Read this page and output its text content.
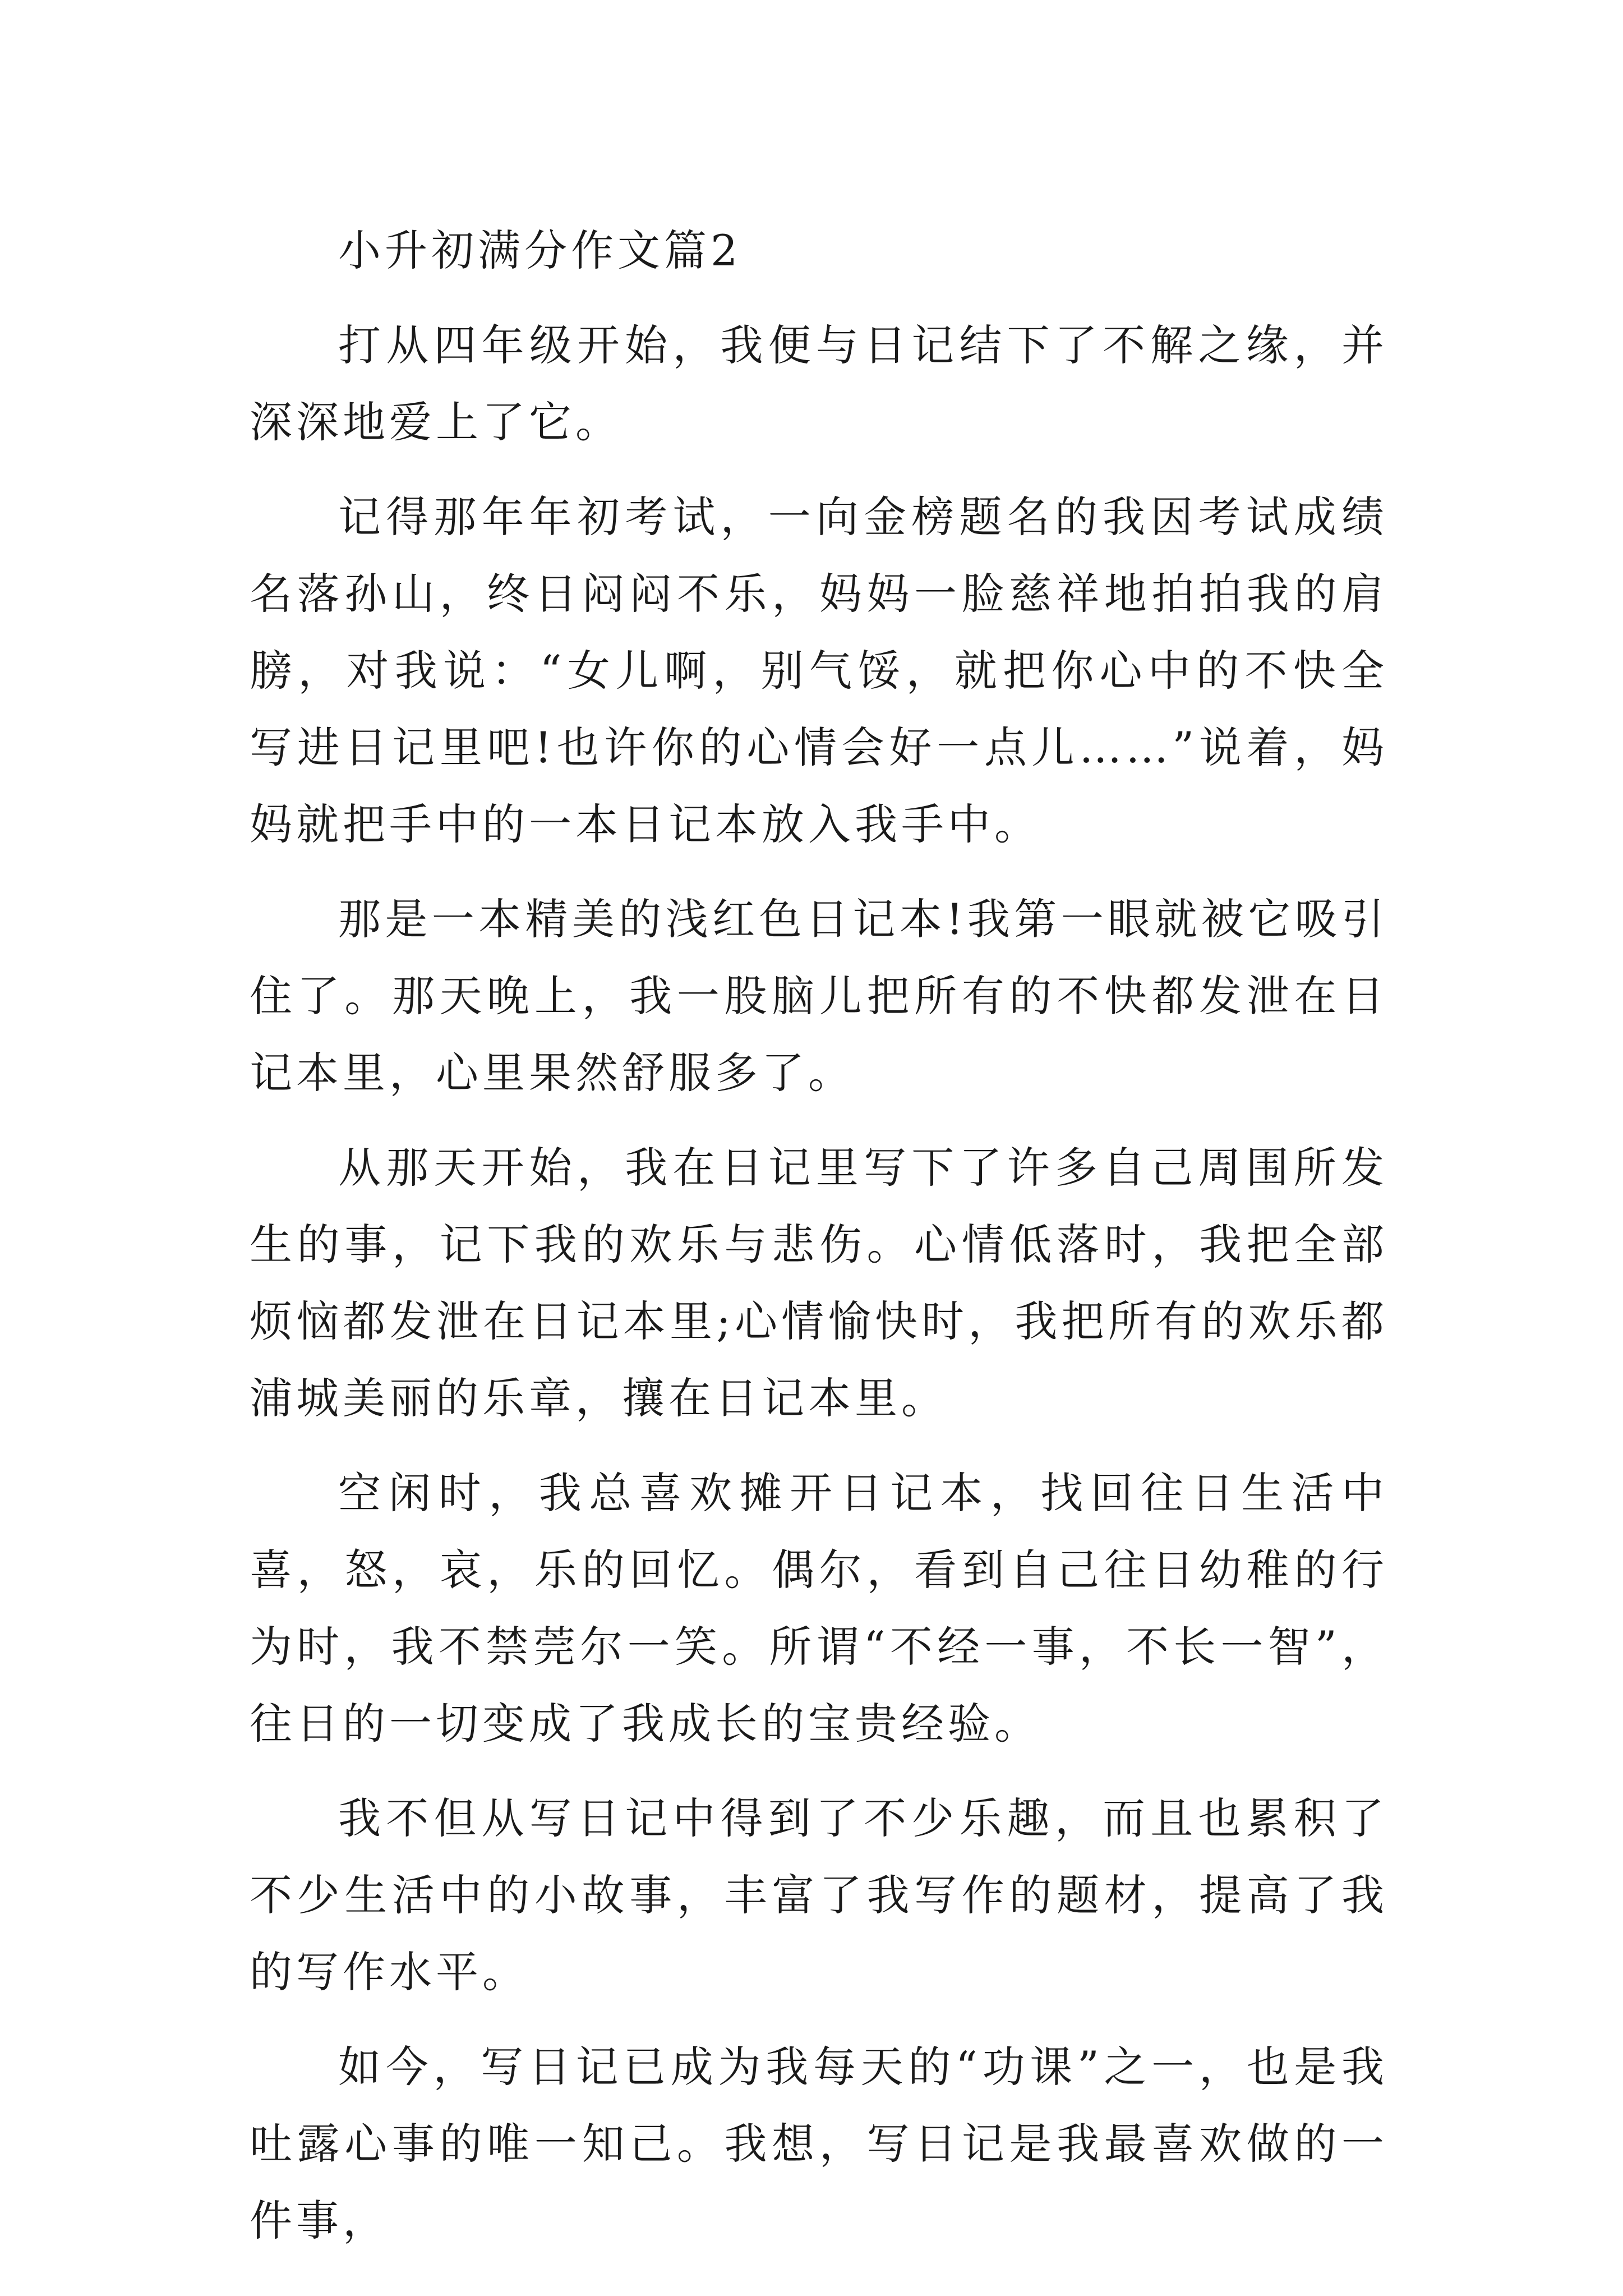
小升初满分作文篇2

打从四年级开始，我便与日记结下了不解之缘，并深深地爱上了它。

记得那年年初考试，一向金榜题名的我因考试成绩名落孙山，终日闷闷不乐，妈妈一脸慈祥地拍拍我的肩膀，对我说：“女儿啊，别气馁，就把你心中的不快全写进日记里吧!也许你的心情会好一点儿……”说着，妈妈就把手中的一本日记本放入我手中。

那是一本精美的浅红色日记本!我第一眼就被它吸引住了。那天晚上，我一股脑儿把所有的不快都发泄在日记本里，心里果然舒服多了。

从那天开始，我在日记里写下了许多自己周围所发生的事，记下我的欢乐与悲伤。心情低落时，我把全部烦恼都发泄在日记本里;心情愉快时，我把所有的欢乐都浦城美丽的乐章，攘在日记本里。

空闲时，我总喜欢摊开日记本，找回往日生活中喜，怒，哀，乐的回忆。偶尔，看到自己往日幼稚的行为时，我不禁莞尔一笑。所谓“不经一事，不长一智”，往日的一切变成了我成长的宝贵经验。

我不但从写日记中得到了不少乐趣，而且也累积了不少生活中的小故事，丰富了我写作的题材，提高了我的写作水平。

如今，写日记已成为我每天的“功课”之一，也是我吐露心事的唯一知己。我想，写日记是我最喜欢做的一件事，
